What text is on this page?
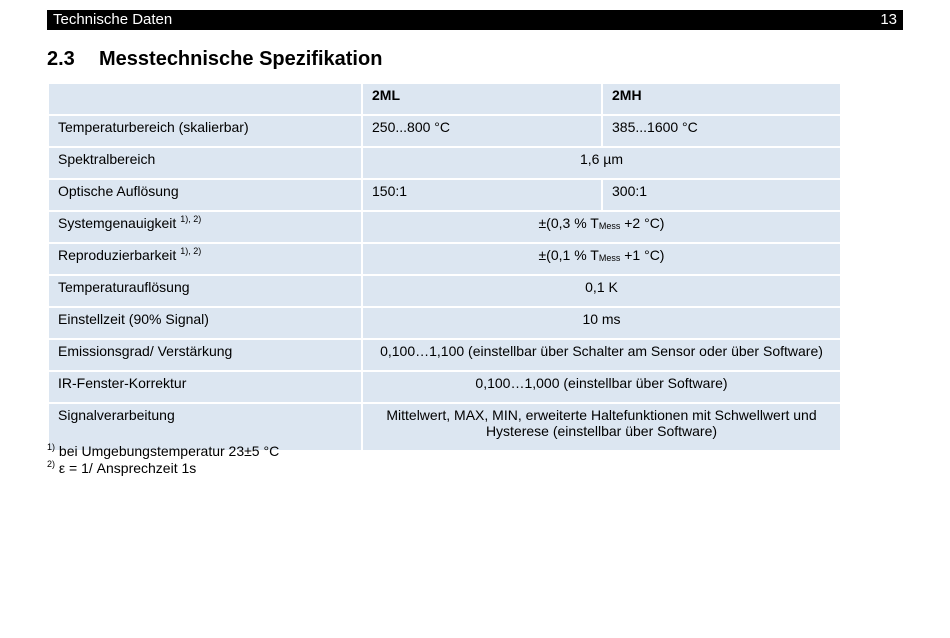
Technische Daten	13
2.3 Messtechnische Spezifikation
	2ML	2MH
Temperaturbereich (skalierbar)	250...800 °C	385...1600 °C
Spektralbereich	1,6 µm	
Optische Auflösung	150:1	300:1
Systemgenauigkeit $^{1), 2)}$	±(0,3 % $T_{Mess} +2$ °C)	
Reproduzierbarkeit $^{1), 2)}$	±(0,1 % $T_{Mess} +1$ °C)	
Temperaturauflösung	0,1 K	
Einstellzeit (90% Signal)	10 ms	
Emissionsgrad/ Verstärkung	0,100…1,100 (einstellbar über Schalter am Sensor oder über Software)	
IR-Fenster-Korrektur	0,100…1,000 (einstellbar über Software)	
Signalverarbeitung	Mittelwert, MAX, MIN, erweiterte Haltefunktionen mit Schwellwert und
Hysterese (einstellbar über Software)	
$^{1)}$ bei Umgebungstemperatur 23±5 °C
$^{2)}$ ε = 1/ Ansprechzeit 1s
